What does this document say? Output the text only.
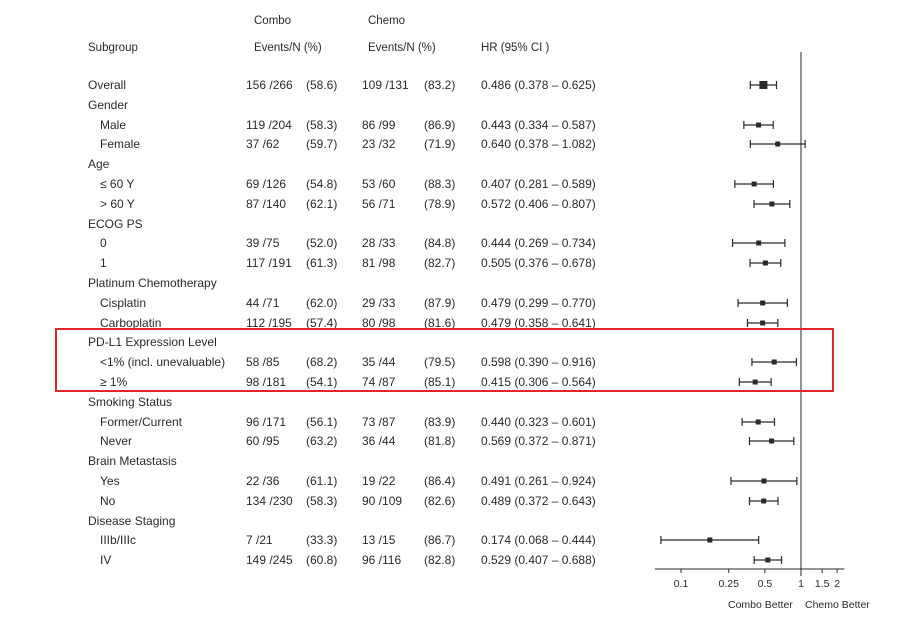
Combo	Chemo
Subgroup	Events/N (%)	Events/N (%)	HR (95% CI )
Overall	156 /266 (58.6) 109 /131 (83.2) 0.486 (0.378 – 0.625)
Gender
Male	119 /204 (58.3) 86 /99 (86.9) 0.443 (0.334 – 0.587)
Female	37 /62 (59.7) 23 /32 (71.9) 0.640 (0.378 – 1.082)
Age
≤ 60 Y	69 /126 (54.8) 53 /60 (88.3) 0.407 (0.281 – 0.589)
> 60 Y	87 /140 (62.1) 56 /71 (78.9) 0.572 (0.406 – 0.807)
ECOG PS
0	39 /75 (52.0) 28 /33 (84.8) 0.444 (0.269 – 0.734)
1	117 /191 (61.3) 81 /98 (82.7) 0.505 (0.376 – 0.678)
Platinum Chemotherapy
Cisplatin	44 /71 (62.0) 29 /33 (87.9) 0.479 (0.299 – 0.770)
Carboplatin	112 /195 (57.4) 80 /98 (81.6) 0.479 (0.358 – 0.641)
PD-L1 Expression Level
<1% (incl. unevaluable) 58 /85 (68.2) 35 /44 (79.5) 0.598 (0.390 – 0.916)
≥ 1%	98 /181 (54.1) 74 /87 (85.1) 0.415 (0.306 – 0.564)
Smoking Status
Former/Current	96 /171 (56.1) 73 /87 (83.9) 0.440 (0.323 – 0.601)
Never	60 /95 (63.2) 36 /44 (81.8) 0.569 (0.372 – 0.871)
Brain Metastasis
Yes	22 /36 (61.1) 19 /22 (86.4) 0.491 (0.261 – 0.924)
No	134 /230 (58.3) 90 /109 (82.6) 0.489 (0.372 – 0.643)
Disease Staging
IIIb/IIIc	7 /21	(33.3) 13 /15 (86.7) 0.174 (0.068 – 0.444)
IV	149 /245 (60.8) 96 /116 (82.8) 0.529 (0.407 – 0.688)
Combo Better Chemo Better
0.1	0.25 0.5 1 1.5 2
